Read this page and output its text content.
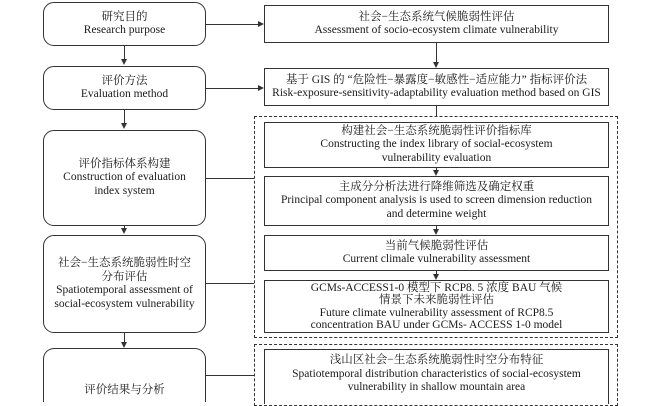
研究目的
Research purpose
评价方法
Evaluation method
评价指标体系构建
Construction of evaluation
index system
社会−生态系统脆弱性时空
分布评估
Spatiotemporal assessment of
social-ecosystem vulnerability
评价结果与分析
社会−生态系统气候脆弱性评估
Assessment of socio-ecosystem climate vulnerability
基于 GIS 的 “危险性−暴露度−敏感性−适应能力” 指标评价法
Risk-exposure-sensitivity-adaptability evaluation method based on GIS
构建社会−生态系统脆弱性评价指标库
Constructing the index library of social-ecosystem
vulnerability evaluation
主成分分析法进行降维筛选及确定权重
Principal component analysis is used to screen dimension reduction
and determine weight
当前气候脆弱性评估
Current climale vulnerability assessment
GCMs-ACCESS1-0 模型下 RCP8. 5 浓度 BAU 气候
情景下未来脆弱性评估
Future climate vulnerability assessment of RCP8.5
concentration BAU under GCMs- ACCESS 1-0 model
浅山区社会−生态系统脆弱性时空分布特征
Spatiotemporal distribution characteristics of social-ecosystem
vulnerability in shallow mountain area
